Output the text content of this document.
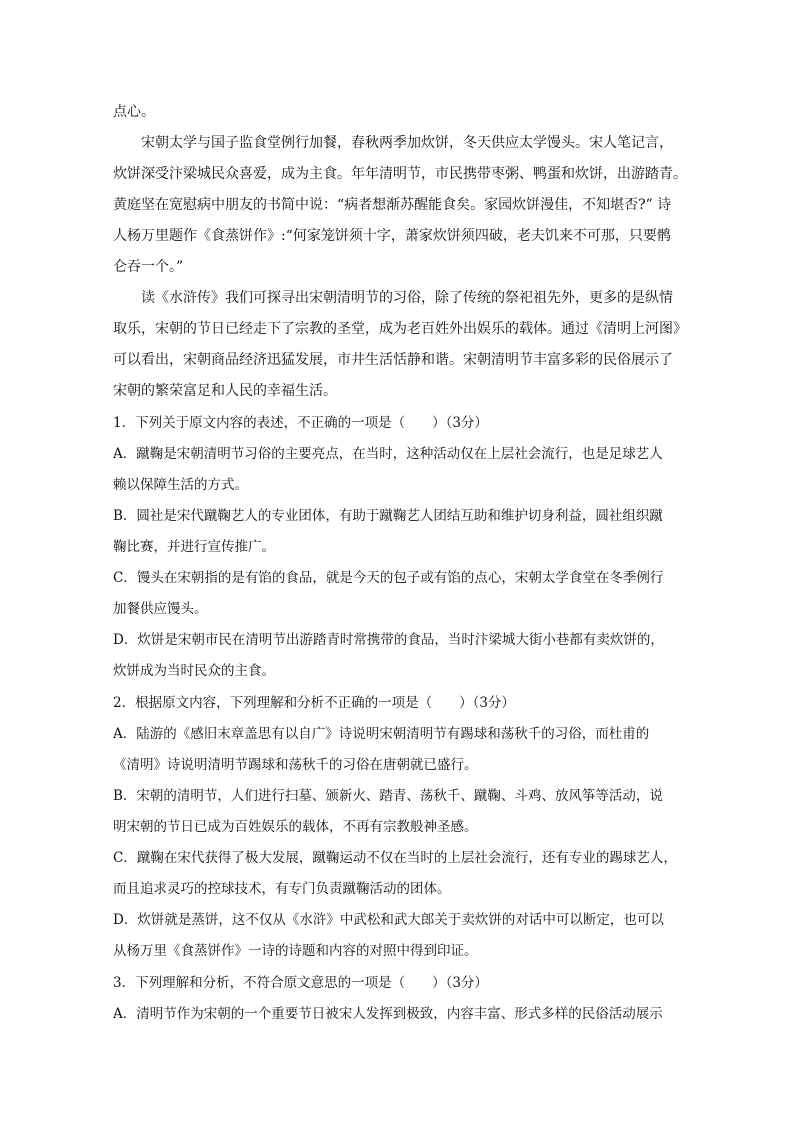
点心。
宋朝太学与国子监食堂例行加餐，春秋两季加炊饼，冬天供应太学馒头。宋人笔记言，
炊饼深受汴梁城民众喜爱，成为主食。年年清明节，市民携带枣粥、鸭蛋和炊饼，出游踏青。
黄庭坚在宽慰病中朋友的书简中说：“病者想渐苏醒能食矣。家园炊饼漫佳，不知堪否?” 诗
人杨万里题作《食蒸饼作》:“何家笼饼须十字，萧家炊饼须四破，老夫饥来不可那，只要鹘
仑吞一个。”
读《水浒传》我们可探寻出宋朝清明节的习俗，除了传统的祭祀祖先外，更多的是纵情
取乐，宋朝的节日已经走下了宗教的圣堂，成为老百姓外出娱乐的载体。通过《清明上河图》
可以看出，宋朝商品经济迅猛发展，市井生活恬静和谐。宋朝清明节丰富多彩的民俗展示了
宋朝的繁荣富足和人民的幸福生活。
1．下列关于原文内容的表述，不正确的一项是（　　）（3分）
A．蹴鞠是宋朝清明节习俗的主要亮点，在当时，这种活动仅在上层社会流行，也是足球艺人
赖以保障生活的方式。
B．圆社是宋代蹴鞠艺人的专业团体，有助于蹴鞠艺人团结互助和维护切身利益，圆社组织蹴
鞠比赛，并进行宣传推广。
C．馒头在宋朝指的是有馅的食品，就是今天的包子或有馅的点心，宋朝太学食堂在冬季例行
加餐供应馒头。
D．炊饼是宋朝市民在清明节出游踏青时常携带的食品，当时汴梁城大街小巷都有卖炊饼的，
炊饼成为当时民众的主食。
2．根据原文内容，下列理解和分析不正确的一项是（　　）（3分）
A．陆游的《感旧末章盖思有以自广》诗说明宋朝清明节有踢球和荡秋千的习俗，而杜甫的
《清明》诗说明清明节踢球和荡秋千的习俗在唐朝就已盛行。
B．宋朝的清明节，人们进行扫墓、颁新火、踏青、荡秋千、蹴鞠、斗鸡、放风筝等活动，说
明宋朝的节日已成为百姓娱乐的载体，不再有宗教般神圣感。
C．蹴鞠在宋代获得了极大发展，蹴鞠运动不仅在当时的上层社会流行，还有专业的踢球艺人，
而且追求灵巧的控球技术，有专门负责蹴鞠活动的团体。
D．炊饼就是蒸饼，这不仅从《水浒》中武松和武大郎关于卖炊饼的对话中可以断定，也可以
从杨万里《食蒸饼作》一诗的诗题和内容的对照中得到印证。
3．下列理解和分析，不符合原文意思的一项是（　　）（3分）
A．清明节作为宋朝的一个重要节日被宋人发挥到极致，内容丰富、形式多样的民俗活动展示
